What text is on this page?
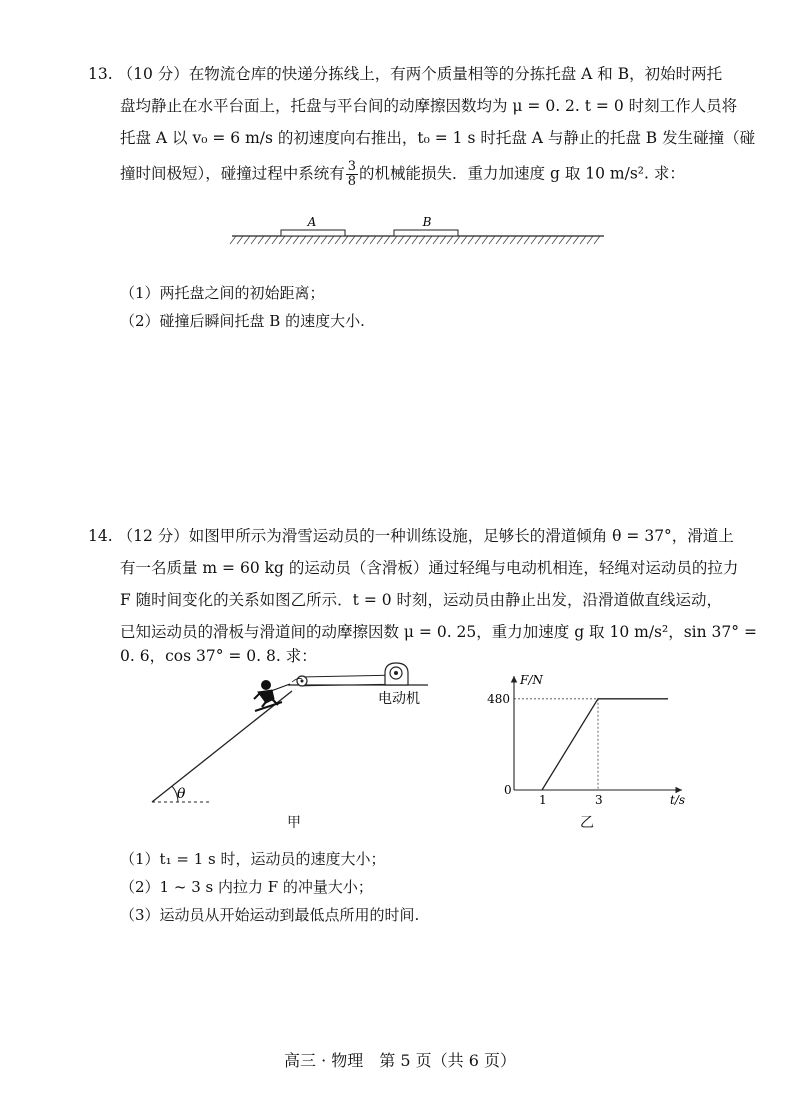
13. （10 分）在物流仓库的快递分拣线上，有两个质量相等的分拣托盘 A 和 B，初始时两托
盘均静止在水平台面上，托盘与平台间的动摩擦因数均为 μ = 0. 2. t = 0 时刻工作人员将
托盘 A 以 v₀ = 6 m/s 的初速度向右推出，t₀ = 1 s 时托盘 A 与静止的托盘 B 发生碰撞（碰
撞时间极短），碰撞过程中系统有 $\frac{3}{8}$ 的机械能损失．重力加速度 g 取 10 m/s². 求：
A	B
（1）两托盘之间的初始距离；
（2）碰撞后瞬间托盘 B 的速度大小.
14. （12 分）如图甲所示为滑雪运动员的一种训练设施，足够长的滑道倾角 θ = 37°，滑道上
有一名质量 m = 60 kg 的运动员（含滑板）通过轻绳与电动机相连，轻绳对运动员的拉力
F 随时间变化的关系如图乙所示．t = 0 时刻，运动员由静止出发，沿滑道做直线运动，
已知运动员的滑板与滑道间的动摩擦因数 μ = 0. 25，重力加速度 g 取 10 m/s²，sin 37° =
0. 6，cos 37° = 0. 8. 求：
θ
电动机
甲
F/N
t/s
0
1	3
480
乙
（1）t₁ = 1 s 时，运动员的速度大小；
（2）1 ~ 3 s 内拉力 F 的冲量大小；
（3）运动员从开始运动到最低点所用的时间.
高三 · 物理　第 5 页（共 6 页）
